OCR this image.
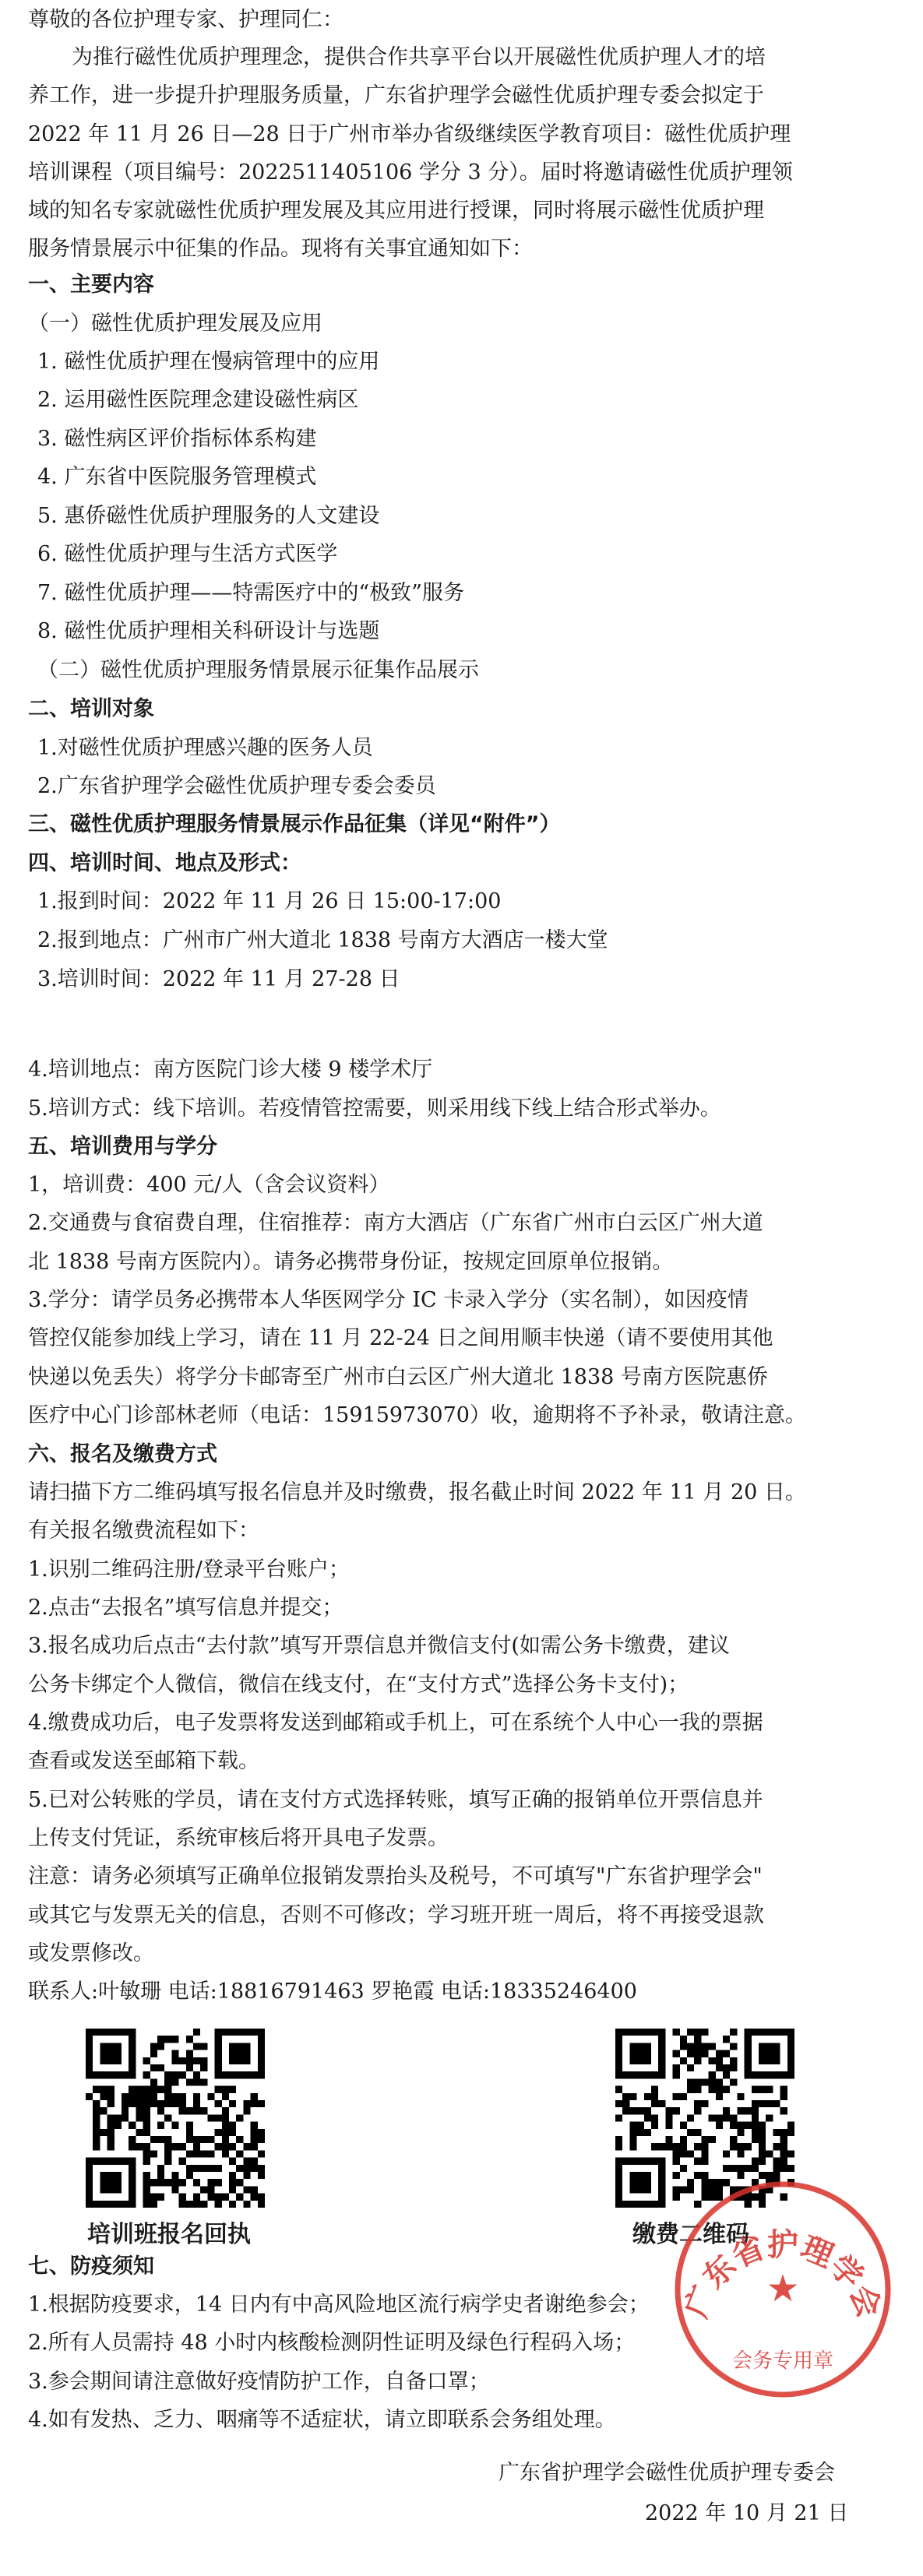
尊敬的各位护理专家、护理同仁：
为推行磁性优质护理理念，提供合作共享平台以开展磁性优质护理人才的培
养工作，进一步提升护理服务质量，广东省护理学会磁性优质护理专委会拟定于
2022 年 11 月 26 日—28 日于广州市举办省级继续医学教育项目：磁性优质护理
培训课程（项目编号：2022511405106 学分 3 分）。届时将邀请磁性优质护理领
域的知名专家就磁性优质护理发展及其应用进行授课，同时将展示磁性优质护理
服务情景展示中征集的作品。现将有关事宜通知如下：
一、主要内容
（一）磁性优质护理发展及应用
1. 磁性优质护理在慢病管理中的应用
2. 运用磁性医院理念建设磁性病区
3. 磁性病区评价指标体系构建
4. 广东省中医院服务管理模式
5. 惠侨磁性优质护理服务的人文建设
6. 磁性优质护理与生活方式医学
7. 磁性优质护理——特需医疗中的“极致”服务
8. 磁性优质护理相关科研设计与选题
（二）磁性优质护理服务情景展示征集作品展示
二、培训对象
1.对磁性优质护理感兴趣的医务人员
2.广东省护理学会磁性优质护理专委会委员
三、磁性优质护理服务情景展示作品征集（详见“附件”）
四、培训时间、地点及形式：
1.报到时间：2022 年 11 月 26 日 15:00-17:00
2.报到地点：广州市广州大道北 1838 号南方大酒店一楼大堂
3.培训时间：2022 年 11 月 27-28 日
4.培训地点：南方医院门诊大楼 9 楼学术厅
5.培训方式：线下培训。若疫情管控需要，则采用线下线上结合形式举办。
五、培训费用与学分
1，培训费：400 元/人（含会议资料）
2.交通费与食宿费自理，住宿推荐：南方大酒店（广东省广州市白云区广州大道
北 1838 号南方医院内）。请务必携带身份证，按规定回原单位报销。
3.学分：请学员务必携带本人华医网学分 IC 卡录入学分（实名制），如因疫情
管控仅能参加线上学习，请在 11 月 22-24 日之间用顺丰快递（请不要使用其他
快递以免丢失）将学分卡邮寄至广州市白云区广州大道北 1838 号南方医院惠侨
医疗中心门诊部林老师（电话：15915973070）收，逾期将不予补录，敬请注意。
六、报名及缴费方式
请扫描下方二维码填写报名信息并及时缴费，报名截止时间 2022 年 11 月 20 日。
有关报名缴费流程如下：
1.识别二维码注册/登录平台账户；
2.点击“去报名”填写信息并提交；
3.报名成功后点击“去付款”填写开票信息并微信支付(如需公务卡缴费，建议
公务卡绑定个人微信，微信在线支付，在“支付方式”选择公务卡支付)；
4.缴费成功后，电子发票将发送到邮箱或手机上，可在系统个人中心一我的票据
查看或发送至邮箱下载。
5.已对公转账的学员，请在支付方式选择转账，填写正确的报销单位开票信息并
上传支付凭证，系统审核后将开具电子发票。
注意：请务必须填写正确单位报销发票抬头及税号，不可填写"广东省护理学会"
或其它与发票无关的信息，否则不可修改；学习班开班一周后，将不再接受退款
或发票修改。
联系人:叶敏珊 电话:18816791463 罗艳霞 电话:18335246400
培训班报名回执	缴费二维码
七、防疫须知
1.根据防疫要求，14 日内有中高风险地区流行病学史者谢绝参会；
2.所有人员需持 48 小时内核酸检测阴性证明及绿色行程码入场；
3.参会期间请注意做好疫情防护工作，自备口罩；
4.如有发热、乏力、咽痛等不适症状，请立即联系会务组处理。
广东省护理学会磁性优质护理专委会
2022 年 10 月 21 日
广东省护理学会
★
会务专用章
